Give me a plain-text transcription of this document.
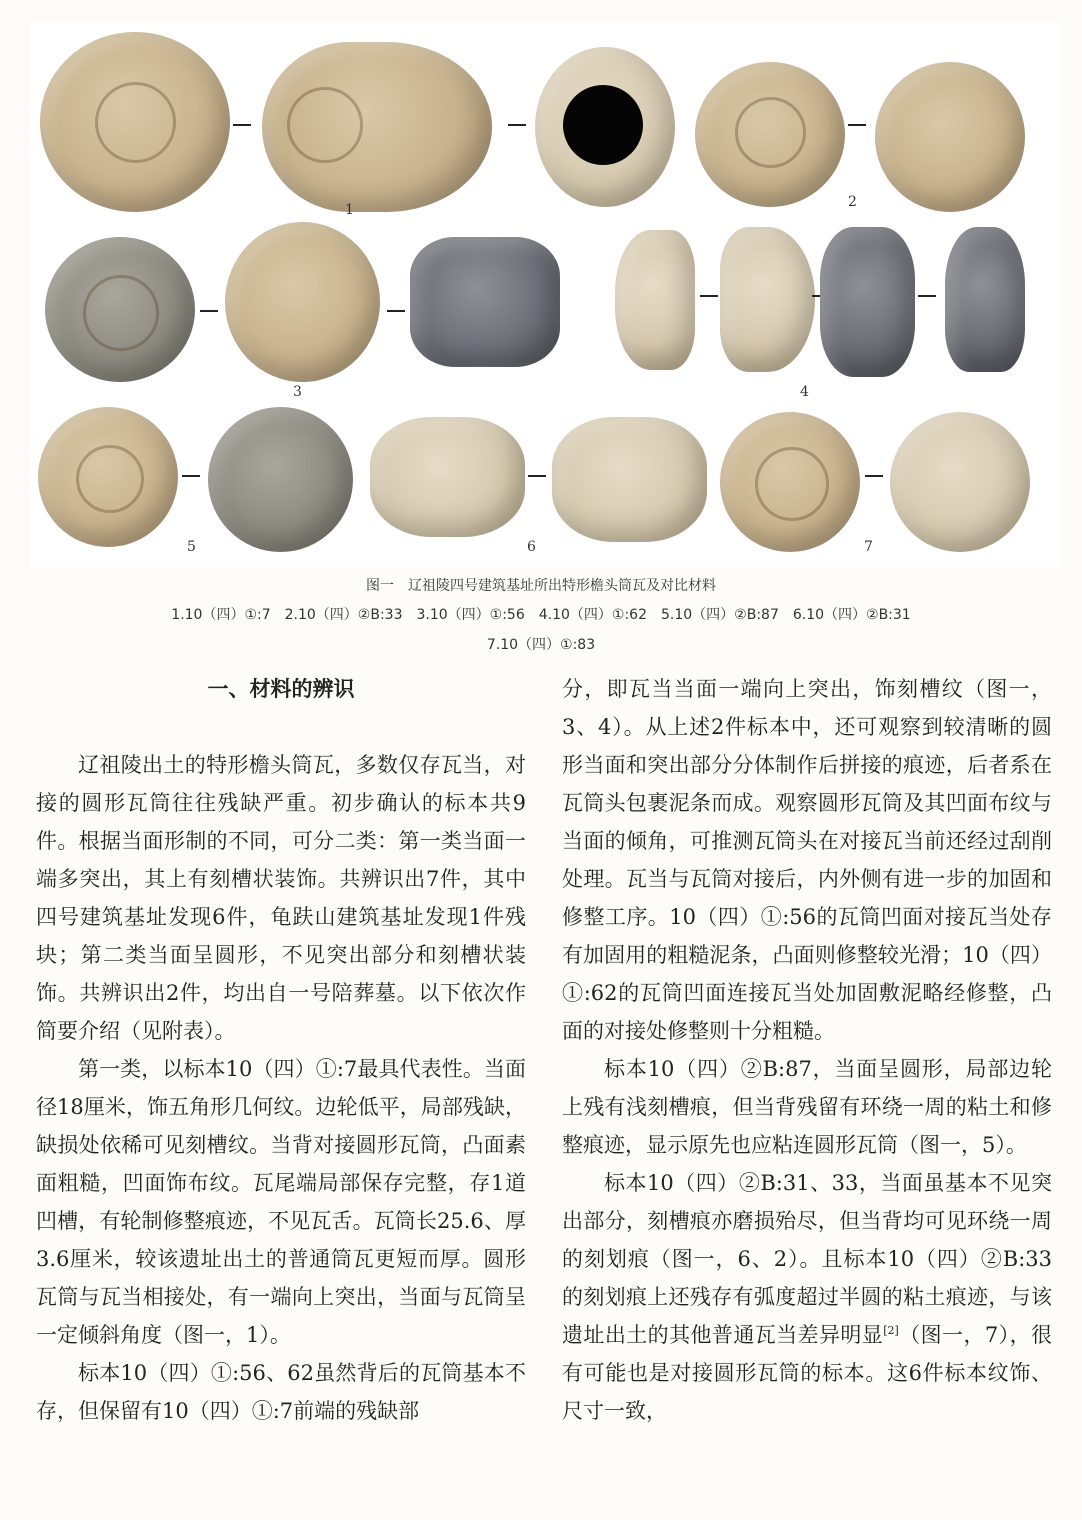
1	2
3	4
5	6	7
图一　辽祖陵四号建筑基址所出特形檐头筒瓦及对比材料
1.10（四）①:7　2.10（四）②B:33　3.10（四）①:56　4.10（四）①:62　5.10（四）②B:87　6.10（四）②B:31
7.10（四）①:83
一、材料的辨识

辽祖陵出土的特形檐头筒瓦，多数仅存瓦当，对接的圆形瓦筒往往残缺严重。初步确认的标本共9件。根据当面形制的不同，可分二类：第一类当面一端多突出，其上有刻槽状装饰。共辨识出7件，其中四号建筑基址发现6件，龟趺山建筑基址发现1件残块；第二类当面呈圆形，不见突出部分和刻槽状装饰。共辨识出2件，均出自一号陪葬墓。以下依次作简要介绍（见附表）。

第一类，以标本10（四）①:7最具代表性。当面径18厘米，饰五角形几何纹。边轮低平，局部残缺，缺损处依稀可见刻槽纹。当背对接圆形瓦筒，凸面素面粗糙，凹面饰布纹。瓦尾端局部保存完整，存1道凹槽，有轮制修整痕迹，不见瓦舌。瓦筒长25.6、厚3.6厘米，较该遗址出土的普通筒瓦更短而厚。圆形瓦筒与瓦当相接处，有一端向上突出，当面与瓦筒呈一定倾斜角度（图一，1）。

标本10（四）①:56、62虽然背后的瓦筒基本不存，但保留有10（四）①:7前端的残缺部

分，即瓦当当面一端向上突出，饰刻槽纹（图一，3、4）。从上述2件标本中，还可观察到较清晰的圆形当面和突出部分分体制作后拼接的痕迹，后者系在瓦筒头包裹泥条而成。观察圆形瓦筒及其凹面布纹与当面的倾角，可推测瓦筒头在对接瓦当前还经过刮削处理。瓦当与瓦筒对接后，内外侧有进一步的加固和修整工序。10（四）①:56的瓦筒凹面对接瓦当处存有加固用的粗糙泥条，凸面则修整较光滑；10（四）①:62的瓦筒凹面连接瓦当处加固敷泥略经修整，凸面的对接处修整则十分粗糙。

标本10（四）②B:87，当面呈圆形，局部边轮上残有浅刻槽痕，但当背残留有环绕一周的粘土和修整痕迹，显示原先也应粘连圆形瓦筒（图一，5）。

标本10（四）②B:31、33，当面虽基本不见突出部分，刻槽痕亦磨损殆尽，但当背均可见环绕一周的刻划痕（图一，6、2）。且标本10（四）②B:33的刻划痕上还残存有弧度超过半圆的粘土痕迹，与该遗址出土的其他普通瓦当差异明显[2]（图一，7），很有可能也是对接圆形瓦筒的标本。这6件标本纹饰、尺寸一致，
